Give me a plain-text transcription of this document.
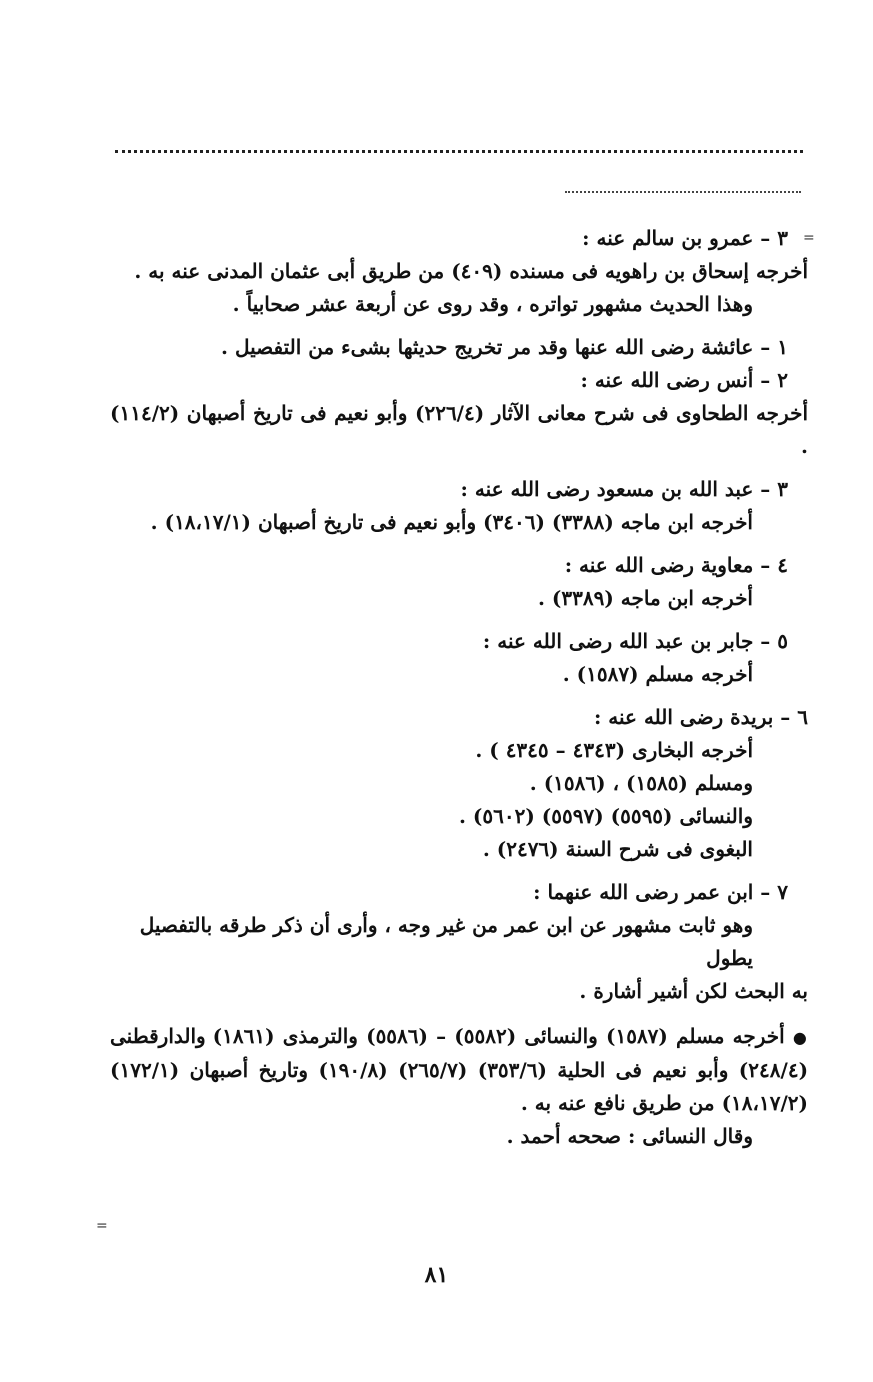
=
=

٣ – عمرو بن سالم عنه :

أخرجه إسحاق بن راهويه فى مسنده (٤٠٩) من طريق أبى عثمان المدنى عنه به .

وهذا الحديث مشهور تواتره ، وقد روى عن أربعة عشر صحابياً .

١ – عائشة رضى الله عنها وقد مر تخريج حديثها بشىء من التفصيل .

٢ – أنس رضى الله عنه :

أخرجه الطحاوى فى شرح معانى الآثار (٢٢٦/٤) وأبو نعيم فى تاريخ أصبهان (١١٤/٢) .

٣ – عبد الله بن مسعود رضى الله عنه :

أخرجه ابن ماجه (٣٣٨٨) (٣٤٠٦) وأبو نعيم فى تاريخ أصبهان (١٨،١٧/١) .

٤ – معاوية رضى الله عنه :

أخرجه ابن ماجه (٣٣٨٩) .

٥ – جابر بن عبد الله رضى الله عنه :

أخرجه مسلم (١٥٨٧) .

٦ – بريدة رضى الله عنه :

أخرجه البخارى (٤٣٤٣ – ٤٣٤٥ ) .

ومسلم (١٥٨٥) ، (١٥٨٦) .

والنسائى (٥٥٩٥) (٥٥٩٧) (٥٦٠٢) .

البغوى فى شرح السنة (٢٤٧٦) .

٧ – ابن عمر رضى الله عنهما :

وهو ثابت مشهور عن ابن عمر من غير وجه ، وأرى أن ذكر طرقه بالتفصيل يطول

به البحث لكن أشير أشارة .

● أخرجه مسلم (١٥٨٧) والنسائى (٥٥٨٢) – (٥٥٨٦) والترمذى (١٨٦١) والدارقطنى (٢٤٨/٤) وأبو نعيم فى الحلية (٣٥٣/٦) (٢٦٥/٧) (١٩٠/٨) وتاريخ أصبهان (١٧٢/١) (١٨،١٧/٢) من طريق نافع عنه به .

وقال النسائى : صححه أحمد .

٨١
